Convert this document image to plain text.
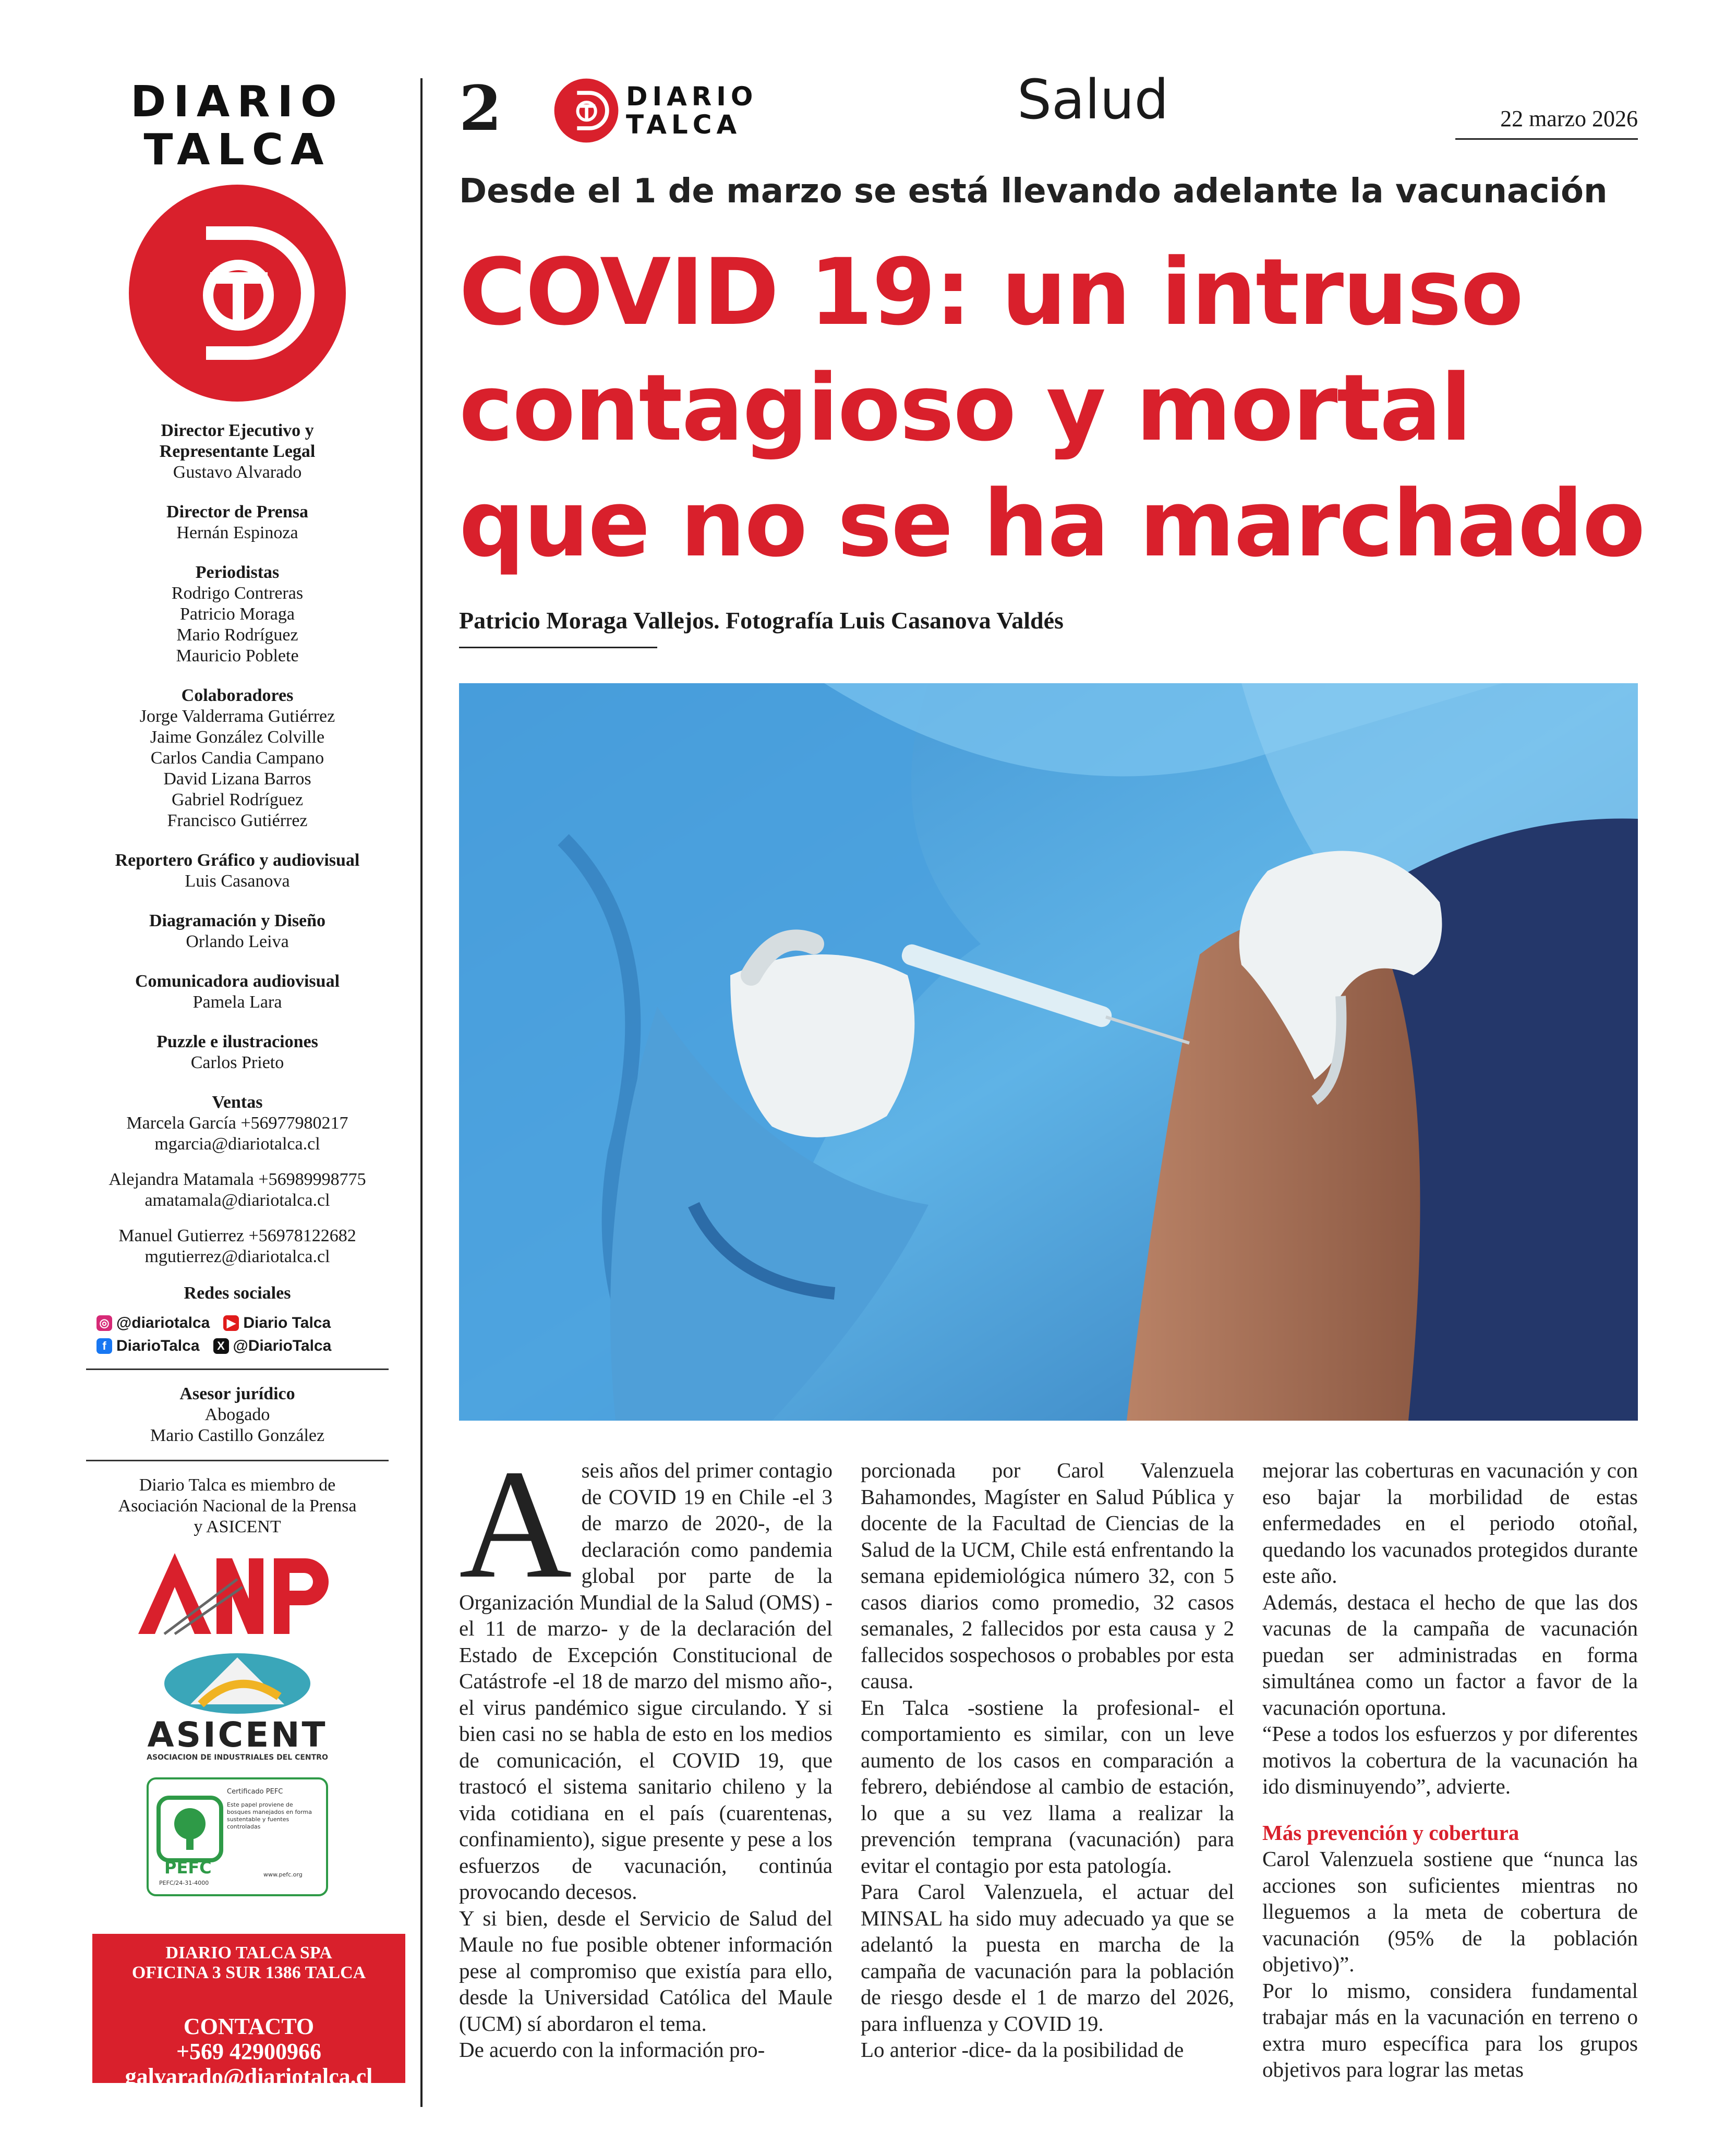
DIARIO
TALCA
Director Ejecutivo y
Representante Legal
Gustavo Alvarado
Director de Prensa
Hernán Espinoza
Periodistas
Rodrigo Contreras
Patricio Moraga
Mario Rodríguez
Mauricio Poblete
Colaboradores
Jorge Valderrama Gutiérrez
Jaime González Colville
Carlos Candia Campano
David Lizana Barros
Gabriel Rodríguez
Francisco Gutiérrez
Reportero Gráfico y audiovisual
Luis Casanova
Diagramación y Diseño
Orlando Leiva
Comunicadora audiovisual
Pamela Lara
Puzzle e ilustraciones
Carlos Prieto
Ventas
Marcela García +56977980217
mgarcia@diariotalca.cl
Alejandra Matamala +56989998775
amatamala@diariotalca.cl
Manuel Gutierrez +56978122682
mgutierrez@diariotalca.cl
Redes sociales
◎ @diariotalca ▶ Diario Talca
f DiarioTalca	X @DiarioTalca
Asesor jurídico
Abogado
Mario Castillo González
Diario Talca es miembro de
Asociación Nacional de la Prensa
y ASICENT
ASICENT
ASOCIACION DE INDUSTRIALES DEL CENTRO
Certificado PEFC
Este papel proviene de bosques manejados en forma sustentable y fuentes controladas
PEFC
PEFC/24-31-4000
www.pefc.org
DIARIO TALCA SPA
OFICINA 3 SUR 1386 TALCA
CONTACTO
+569 42900966
galvarado@diariotalca.cl
2	DIARIO
TALCA	Salud	22 marzo 2026
Desde el 1 de marzo se está llevando adelante la vacunación
COVID 19: un intruso
contagioso y mortal
que no se ha marchado
Patricio Moraga Vallejos. Fotografía Luis Casanova Valdés
A seis años del primer contagio de COVID 19 en Chile -el 3 de marzo de 2020-, de la declaración como pandemia global por parte de la Organización Mundial de la Salud (OMS) -el 11 de marzo- y de la declaración del Estado de Excepción Constitucional de Catástrofe -el 18 de marzo del mismo año-, el virus pandémico sigue circulando. Y si bien casi no se habla de esto en los medios de comunicación, el COVID 19, que trastocó el sistema sanitario chileno y la vida cotidiana en el país (cuarentenas, confinamiento), sigue presente y pese a los esfuerzos de vacunación, continúa provocando decesos.

Y si bien, desde el Servicio de Salud del Maule no fue posible obtener información pese al compromiso que existía para ello, desde la Universidad Católica del Maule (UCM) sí abordaron el tema.

De acuerdo con la información pro-

porcionada por Carol Valenzuela Bahamondes, Magíster en Salud Pública y docente de la Facultad de Ciencias de la Salud de la UCM, Chile está enfrentando la semana epidemiológica número 32, con 5 casos diarios como promedio, 32 casos semanales, 2 fallecidos por esta causa y 2 fallecidos sospechosos o probables por esta causa.

En Talca -sostiene la profesional- el comportamiento es similar, con un leve aumento de los casos en comparación a febrero, debiéndose al cambio de estación, lo que a su vez llama a realizar la prevención temprana (vacunación) para evitar el contagio por esta patología.

Para Carol Valenzuela, el actuar del MINSAL ha sido muy adecuado ya que se adelantó la puesta en marcha de la campaña de vacunación para la población de riesgo desde el 1 de marzo del 2026, para influenza y COVID 19.

Lo anterior -dice- da la posibilidad de

mejorar las coberturas en vacunación y con eso bajar la morbilidad de estas enfermedades en el periodo otoñal, quedando los vacunados protegidos durante este año.

Además, destaca el hecho de que las dos vacunas de la campaña de vacunación puedan ser administradas en forma simultánea como un factor a favor de la vacunación oportuna.

“Pese a todos los esfuerzos y por diferentes motivos la cobertura de la vacunación ha ido disminuyendo”, advierte.

Más prevención y cobertura

Carol Valenzuela sostiene que “nunca las acciones son suficientes mientras no lleguemos a la meta de cobertura de vacunación (95% de la población objetivo)”.

Por lo mismo, considera fundamental trabajar más en la vacunación en terreno o extra muro específica para los grupos objetivos para lograr las metas
